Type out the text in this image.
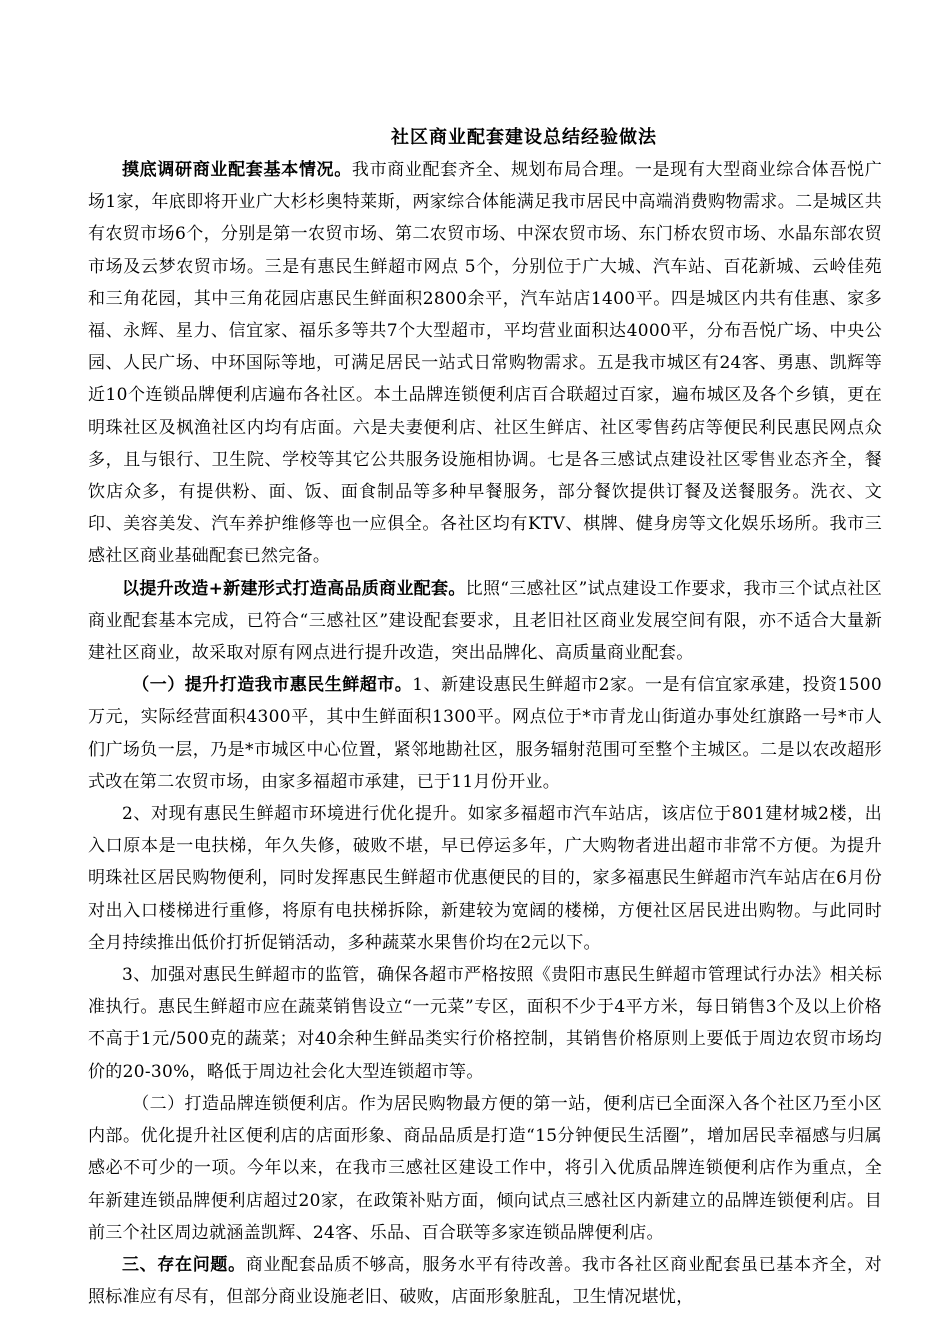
社区商业配套建设总结经验做法

摸底调研商业配套基本情况。我市商业配套齐全、规划布局合理。一是现有大型商业综合体吾悦广场1家，年底即将开业广大杉杉奥特莱斯，两家综合体能满足我市居民中高端消费购物需求。二是城区共有农贸市场6个，分别是第一农贸市场、第二农贸市场、中深农贸市场、东门桥农贸市场、水晶东部农贸市场及云梦农贸市场。三是有惠民生鲜超市网点 5个，分别位于广大城、汽车站、百花新城、云岭佳苑和三角花园，其中三角花园店惠民生鲜面积2800余平，汽车站店1400平。四是城区内共有佳惠、家多福、永辉、星力、信宜家、福乐多等共7个大型超市，平均营业面积达4000平，分布吾悦广场、中央公园、人民广场、中环国际等地，可满足居民一站式日常购物需求。五是我市城区有24客、勇惠、凯辉等近10个连锁品牌便利店遍布各社区。本土品牌连锁便利店百合联超过百家，遍布城区及各个乡镇，更在明珠社区及枫渔社区内均有店面。六是夫妻便利店、社区生鲜店、社区零售药店等便民利民惠民网点众多，且与银行、卫生院、学校等其它公共服务设施相协调。七是各三感试点建设社区零售业态齐全，餐饮店众多，有提供粉、面、饭、面食制品等多种早餐服务，部分餐饮提供订餐及送餐服务。洗衣、文印、美容美发、汽车养护维修等也一应俱全。各社区均有KTV、棋牌、健身房等文化娱乐场所。我市三感社区商业基础配套已然完备。

以提升改造+新建形式打造高品质商业配套。比照“三感社区”试点建设工作要求，我市三个试点社区商业配套基本完成，已符合“三感社区”建设配套要求，且老旧社区商业发展空间有限，亦不适合大量新建社区商业，故采取对原有网点进行提升改造，突出品牌化、高质量商业配套。

（一）提升打造我市惠民生鲜超市。1、新建设惠民生鲜超市2家。一是有信宜家承建，投资1500万元，实际经营面积4300平，其中生鲜面积1300平。网点位于*市青龙山街道办事处红旗路一号*市人们广场负一层，乃是*市城区中心位置，紧邻地勘社区，服务辐射范围可至整个主城区。二是以农改超形式改在第二农贸市场，由家多福超市承建，已于11月份开业。

2、对现有惠民生鲜超市环境进行优化提升。如家多福超市汽车站店，该店位于801建材城2楼，出入口原本是一电扶梯，年久失修，破败不堪，早已停运多年，广大购物者进出超市非常不方便。为提升明珠社区居民购物便利，同时发挥惠民生鲜超市优惠便民的目的，家多福惠民生鲜超市汽车站店在6月份对出入口楼梯进行重修，将原有电扶梯拆除，新建较为宽阔的楼梯，方便社区居民进出购物。与此同时全月持续推出低价打折促销活动，多种蔬菜水果售价均在2元以下。

3、加强对惠民生鲜超市的监管，确保各超市严格按照《贵阳市惠民生鲜超市管理试行办法》相关标准执行。惠民生鲜超市应在蔬菜销售设立“一元菜”专区，面积不少于4平方米，每日销售3个及以上价格不高于1元/500克的蔬菜；对40余种生鲜品类实行价格控制，其销售价格原则上要低于周边农贸市场均价的20-30%，略低于周边社会化大型连锁超市等。

（二）打造品牌连锁便利店。作为居民购物最方便的第一站，便利店已全面深入各个社区乃至小区内部。优化提升社区便利店的店面形象、商品品质是打造“15分钟便民生活圈”，增加居民幸福感与归属感必不可少的一项。今年以来，在我市三感社区建设工作中，将引入优质品牌连锁便利店作为重点，全年新建连锁品牌便利店超过20家，在政策补贴方面，倾向试点三感社区内新建立的品牌连锁便利店。目前三个社区周边就涵盖凯辉、24客、乐品、百合联等多家连锁品牌便利店。

三、存在问题。商业配套品质不够高，服务水平有待改善。我市各社区商业配套虽已基本齐全，对照标准应有尽有，但部分商业设施老旧、破败，店面形象脏乱，卫生情况堪忧，
